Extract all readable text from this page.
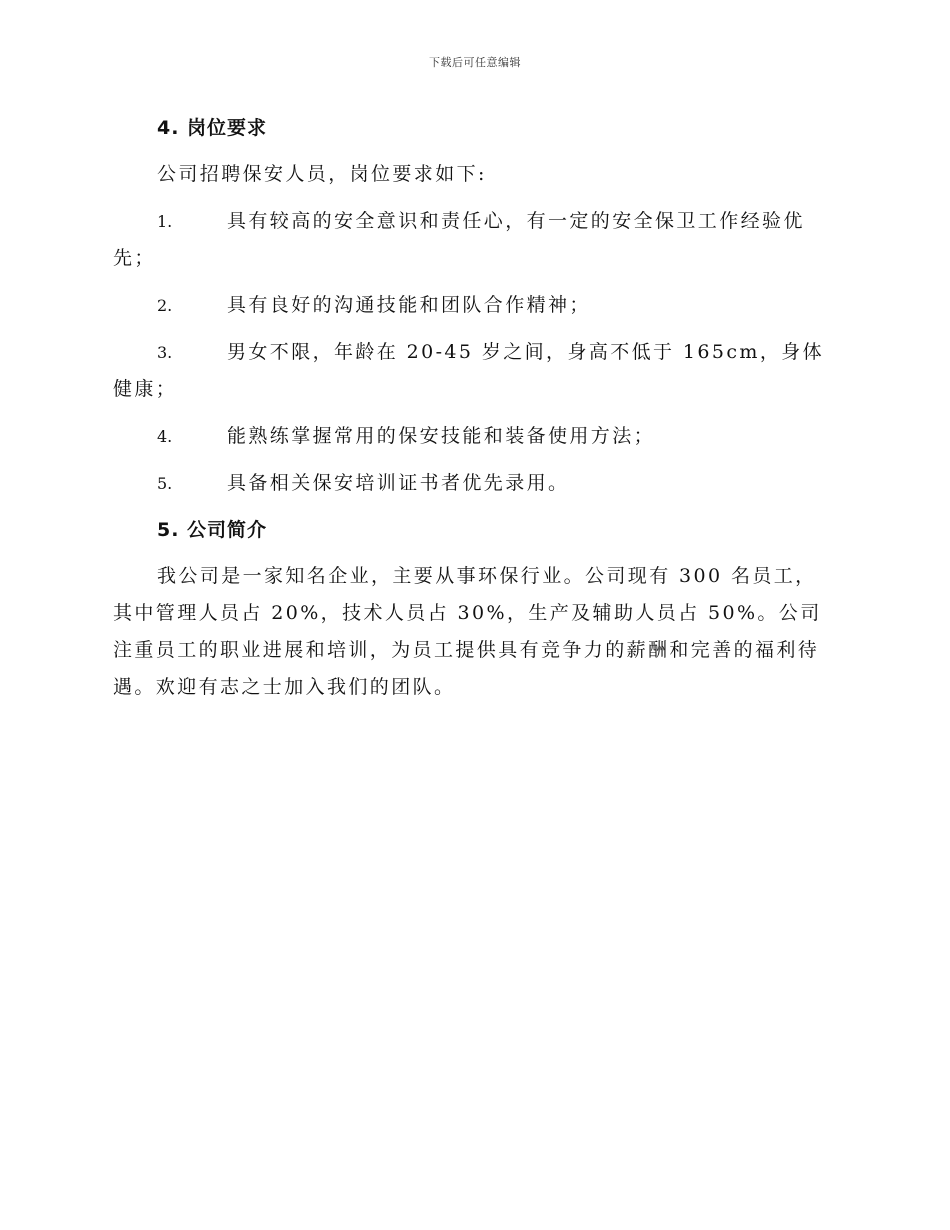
下载后可任意编辑
4. 岗位要求

公司招聘保安人员，岗位要求如下:

1.	具有较高的安全意识和责任心，有一定的安全保卫工作经验优先；
2.	具有良好的沟通技能和团队合作精神；
3.	男女不限，年龄在 20-45 岁之间，身高不低于 165cm，身体健康；
4.	能熟练掌握常用的保安技能和装备使用方法；
5.	具备相关保安培训证书者优先录用。
5. 公司简介

我公司是一家知名企业，主要从事环保行业。公司现有 300 名员工，其中管理人员占 20%，技术人员占 30%，生产及辅助人员占 50%。公司注重员工的职业进展和培训，为员工提供具有竞争力的薪酬和完善的福利待遇。欢迎有志之士加入我们的团队。
